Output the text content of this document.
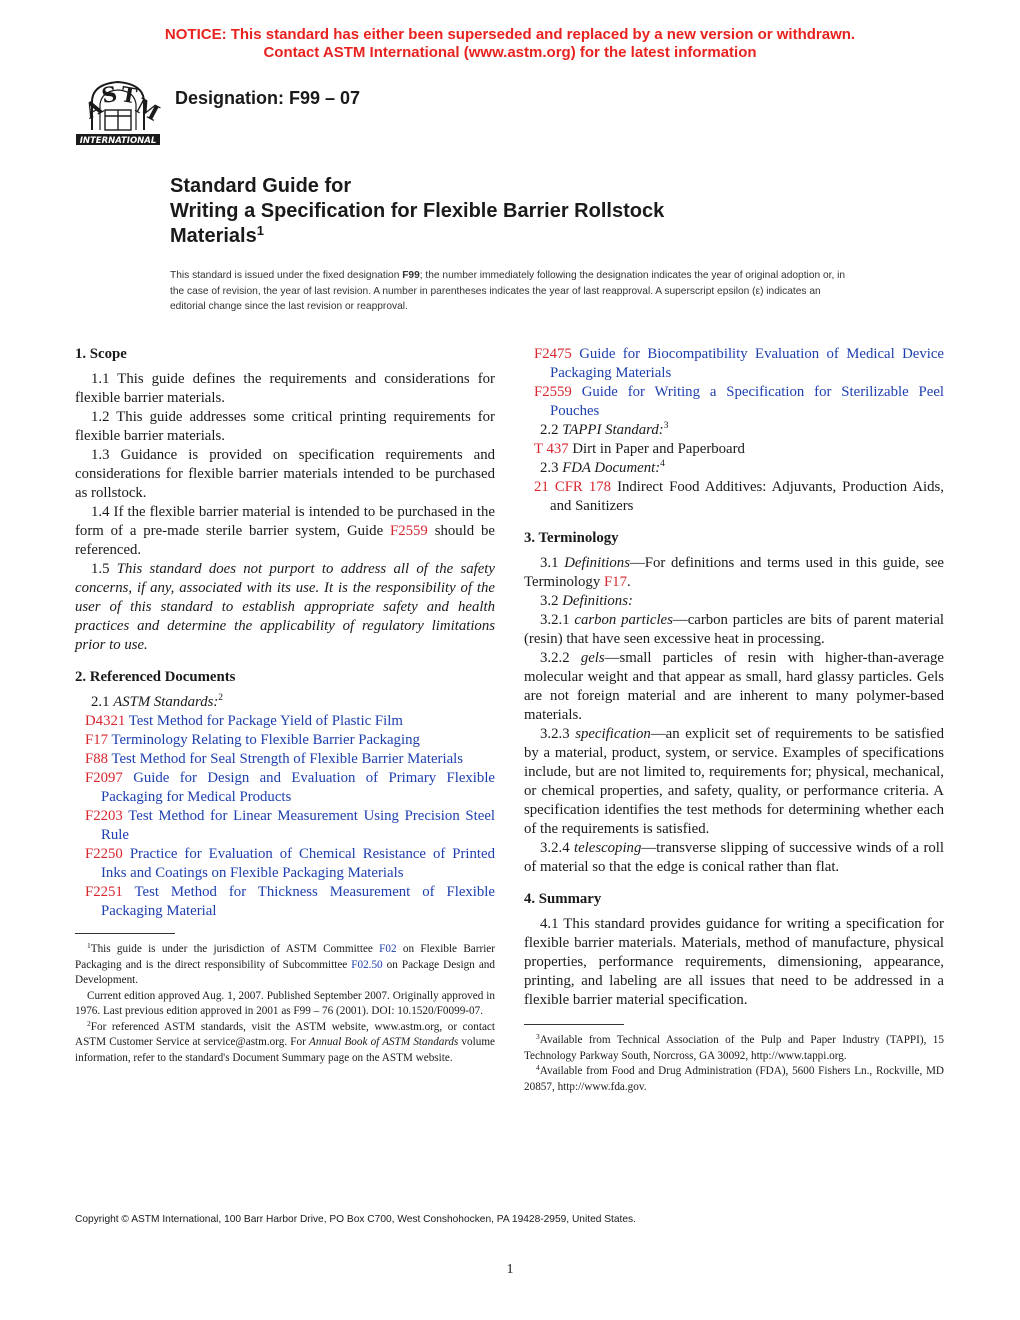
NOTICE: This standard has either been superseded and replaced by a new version or withdrawn.
Contact ASTM International (www.astm.org) for the latest information
A
S T
M
INTERNATIONAL
Designation: F99 – 07
Standard Guide for
Writing a Specification for Flexible Barrier Rollstock
Materials$^1$
This standard is issued under the fixed designation F99; the number immediately following the designation indicates the year of original adoption or, in the case of revision, the year of last revision. A number in parentheses indicates the year of last reapproval. A superscript epsilon (ε) indicates an editorial change since the last revision or reapproval.

1. Scope

1.1 This guide defines the requirements and considerations for flexible barrier materials.

1.2 This guide addresses some critical printing requirements for flexible barrier materials.

1.3 Guidance is provided on specification requirements and considerations for flexible barrier materials intended to be purchased as rollstock.

1.4 If the flexible barrier material is intended to be purchased in the form of a pre-made sterile barrier system, Guide F2559 should be referenced.

1.5 This standard does not purport to address all of the safety concerns, if any, associated with its use. It is the responsibility of the user of this standard to establish appropriate safety and health practices and determine the applicability of regulatory limitations prior to use.

2. Referenced Documents

2.1 ASTM Standards:$^2$

D4321 Test Method for Package Yield of Plastic Film

F17 Terminology Relating to Flexible Barrier Packaging

F88 Test Method for Seal Strength of Flexible Barrier Materials

F2097 Guide for Design and Evaluation of Primary Flexible Packaging for Medical Products

F2203 Test Method for Linear Measurement Using Precision Steel Rule

F2250 Practice for Evaluation of Chemical Resistance of Printed Inks and Coatings on Flexible Packaging Materials

F2251 Test Method for Thickness Measurement of Flexible Packaging Material

$^1$This guide is under the jurisdiction of ASTM Committee F02 on Flexible Barrier Packaging and is the direct responsibility of Subcommittee F02.50 on Package Design and Development.

Current edition approved Aug. 1, 2007. Published September 2007. Originally approved in 1976. Last previous edition approved in 2001 as F99 – 76 (2001). DOI: 10.1520/F0099-07.

$^2$For referenced ASTM standards, visit the ASTM website, www.astm.org, or contact ASTM Customer Service at service@astm.org. For Annual Book of ASTM Standards volume information, refer to the standard's Document Summary page on the ASTM website.

F2475 Guide for Biocompatibility Evaluation of Medical Device Packaging Materials

F2559 Guide for Writing a Specification for Sterilizable Peel Pouches

2.2 TAPPI Standard:$^3$

T 437 Dirt in Paper and Paperboard

2.3 FDA Document:$^4$

21 CFR 178 Indirect Food Additives: Adjuvants, Production Aids, and Sanitizers

3. Terminology

3.1 Definitions—For definitions and terms used in this guide, see Terminology F17.

3.2 Definitions:

3.2.1 carbon particles—carbon particles are bits of parent material (resin) that have seen excessive heat in processing.

3.2.2 gels—small particles of resin with higher-than-average molecular weight and that appear as small, hard glassy particles. Gels are not foreign material and are inherent to many polymer-based materials.

3.2.3 specification—an explicit set of requirements to be satisfied by a material, product, system, or service. Examples of specifications include, but are not limited to, requirements for; physical, mechanical, or chemical properties, and safety, quality, or performance criteria. A specification identifies the test methods for determining whether each of the requirements is satisfied.

3.2.4 telescoping—transverse slipping of successive winds of a roll of material so that the edge is conical rather than flat.

4. Summary

4.1 This standard provides guidance for writing a specification for flexible barrier materials. Materials, method of manufacture, physical properties, performance requirements, dimensioning, appearance, printing, and labeling are all issues that need to be addressed in a flexible barrier material specification.

$^3$Available from Technical Association of the Pulp and Paper Industry (TAPPI), 15 Technology Parkway South, Norcross, GA 30092, http://www.tappi.org.

$^4$Available from Food and Drug Administration (FDA), 5600 Fishers Ln., Rockville, MD 20857, http://www.fda.gov.

Copyright © ASTM International, 100 Barr Harbor Drive, PO Box C700, West Conshohocken, PA 19428-2959, United States.
1
